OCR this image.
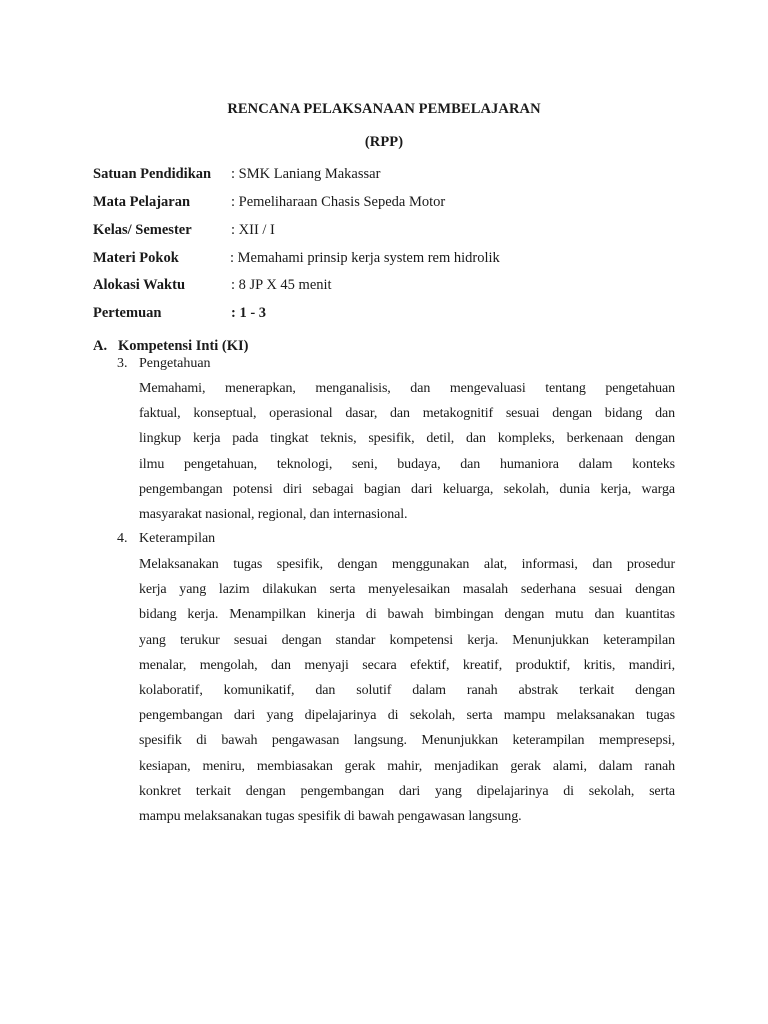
RENCANA PELAKSANAAN PEMBELAJARAN
(RPP)
Satuan Pendidikan : SMK Laniang Makassar
Mata Pelajaran	: Pemeliharaan Chasis Sepeda Motor
Kelas/ Semester	: XII / I
Materi Pokok	: Memahami prinsip kerja system rem hidrolik
Alokasi Waktu	: 8 JP X 45 menit
Pertemuan	: 1 - 3
A. Kompetensi Inti (KI)
3. Pengetahuan
Memahami, menerapkan, menganalisis, dan mengevaluasi tentang pengetahuan
faktual, konseptual, operasional dasar, dan metakognitif sesuai dengan bidang dan
lingkup kerja pada tingkat teknis, spesifik, detil, dan kompleks, berkenaan dengan
ilmu pengetahuan, teknologi, seni, budaya, dan humaniora dalam konteks
pengembangan potensi diri sebagai bagian dari keluarga, sekolah, dunia kerja, warga
masyarakat nasional, regional, dan internasional.
4. Keterampilan
Melaksanakan tugas spesifik, dengan menggunakan alat, informasi, dan prosedur
kerja yang lazim dilakukan serta menyelesaikan masalah sederhana sesuai dengan
bidang kerja. Menampilkan kinerja di bawah bimbingan dengan mutu dan kuantitas
yang terukur sesuai dengan standar kompetensi kerja. Menunjukkan keterampilan
menalar, mengolah, dan menyaji secara efektif, kreatif, produktif, kritis, mandiri,
kolaboratif, komunikatif, dan solutif dalam ranah abstrak terkait dengan
pengembangan dari yang dipelajarinya di sekolah, serta mampu melaksanakan tugas
spesifik di bawah pengawasan langsung. Menunjukkan keterampilan mempresepsi,
kesiapan, meniru, membiasakan gerak mahir, menjadikan gerak alami, dalam ranah
konkret terkait dengan pengembangan dari yang dipelajarinya di sekolah, serta
mampu melaksanakan tugas spesifik di bawah pengawasan langsung.
